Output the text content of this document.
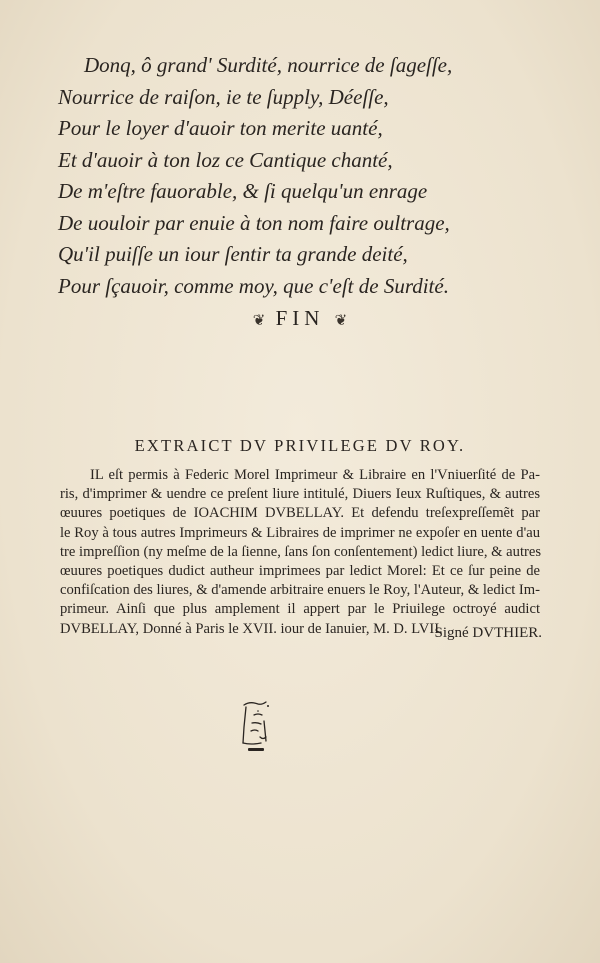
Donq, ô grand' Surdité, nourrice de ſageſſe,
Nourrice de raiſon, ie te ſupply, Déeſſe,
Pour le loyer d'auoir ton merite uanté,
Et d'auoir à ton loz ce Cantique chanté,
De m'eſtre fauorable, & ſi quelqu'un enrage
De uouloir par enuie à ton nom faire oultrage,
Qu'il puiſſe un iour ſentir ta grande deité,
Pour ſçauoir, comme moy, que c'eſt de Surdité.
❦ FIN ❦
EXTRAICT DV PRIVILEGE DV ROY.
IL eſt permis à Federic Morel Imprimeur & Libraire en l'Vniuerſité de Pa-
ris, d'imprimer & uendre ce preſent liure intitulé, Diuers Ieux Ruſtiques, & autres
œuures poetiques de IOACHIM DVBELLAY. Et defendu treſexpreſſemẽt par
le Roy à tous autres Imprimeurs & Libraires de imprimer ne expoſer en uente d'au
tre impreſſion (ny meſme de la ſienne, ſans ſon conſentement) ledict liure, & autres
œuures poetiques dudict autheur imprimees par ledict Morel: Et ce ſur peine de
confiſcation des liures, & d'amende arbitraire enuers le Roy, l'Auteur, & ledict Im-
primeur. Ainſi que plus amplement il appert par le Priuilege octroyé audict
DVBELLAY, Donné à Paris le XVII. iour de Ianuier, M. D. LVII.
Signé DVTHIER.
